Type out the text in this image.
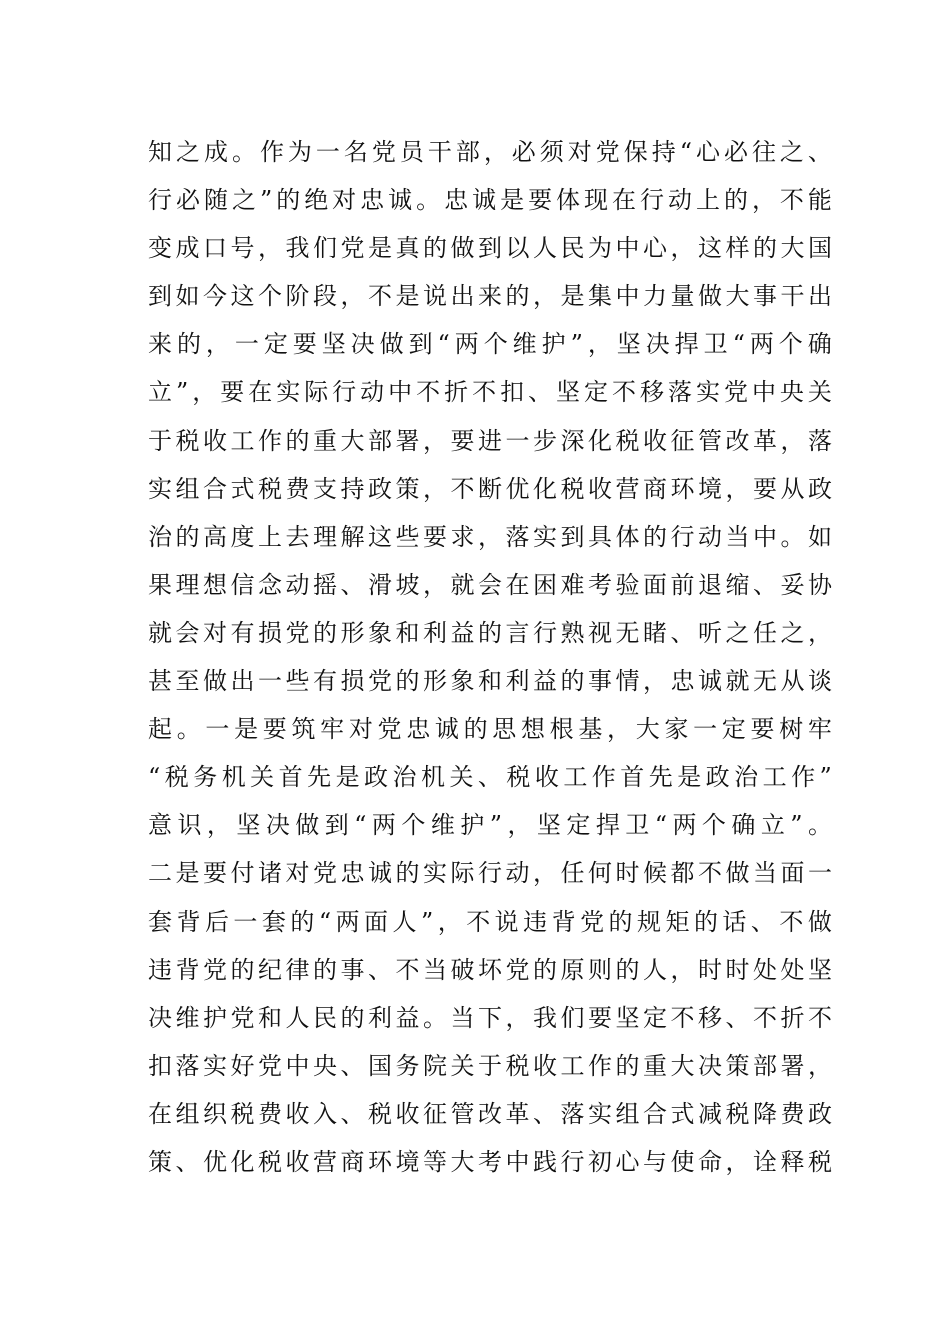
知 之 成 。 作 为 一 名 党 员 干 部 ， 必 须 对 党 保 持 “ 心 必 往 之 、
行 必 随 之 ” 的 绝 对 忠 诚 。 忠 诚 是 要 体 现 在 行 动 上 的 ， 不 能
变 成 口 号 ， 我 们 党 是 真 的 做 到 以 人 民 为 中 心 ， 这 样 的 大 国
到 如 今 这 个 阶 段 ， 不 是 说 出 来 的 ， 是 集 中 力 量 做 大 事 干 出
来 的 ， 一 定 要 坚 决 做 到 “ 两 个 维 护 ” ， 坚 决 捍 卫 “ 两 个 确
立 ” ， 要 在 实 际 行 动 中 不 折 不 扣 、 坚 定 不 移 落 实 党 中 央 关
于 税 收 工 作 的 重 大 部 署 ， 要 进 一 步 深 化 税 收 征 管 改 革 ， 落
实 组 合 式 税 费 支 持 政 策 ， 不 断 优 化 税 收 营 商 环 境 ， 要 从 政
治 的 高 度 上 去 理 解 这 些 要 求 ， 落 实 到 具 体 的 行 动 当 中 。 如
果 理 想 信 念 动 摇 、 滑 坡 ， 就 会 在 困 难 考 验 面 前 退 缩 、 妥 协
就 会 对 有 损 党 的 形 象 和 利 益 的 言 行 熟 视 无 睹 、 听 之 任 之 ，
甚 至 做 出 一 些 有 损 党 的 形 象 和 利 益 的 事 情 ， 忠 诚 就 无 从 谈
起 。 一 是 要 筑 牢 对 党 忠 诚 的 思 想 根 基 ， 大 家 一 定 要 树 牢
“ 税 务 机 关 首 先 是 政 治 机 关 、 税 收 工 作 首 先 是 政 治 工 作 ”
意 识 ， 坚 决 做 到 “ 两 个 维 护 ” ， 坚 定 捍 卫 “ 两 个 确 立 ” 。
二 是 要 付 诸 对 党 忠 诚 的 实 际 行 动 ， 任 何 时 候 都 不 做 当 面 一
套 背 后 一 套 的 “ 两 面 人 ” ， 不 说 违 背 党 的 规 矩 的 话 、 不 做
违 背 党 的 纪 律 的 事 、 不 当 破 坏 党 的 原 则 的 人 ， 时 时 处 处 坚
决 维 护 党 和 人 民 的 利 益 。 当 下 ， 我 们 要 坚 定 不 移 、 不 折 不
扣 落 实 好 党 中 央 、 国 务 院 关 于 税 收 工 作 的 重 大 决 策 部 署 ，
在 组 织 税 费 收 入 、 税 收 征 管 改 革 、 落 实 组 合 式 减 税 降 费 政
策 、 优 化 税 收 营 商 环 境 等 大 考 中 践 行 初 心 与 使 命 ， 诠 释 税
